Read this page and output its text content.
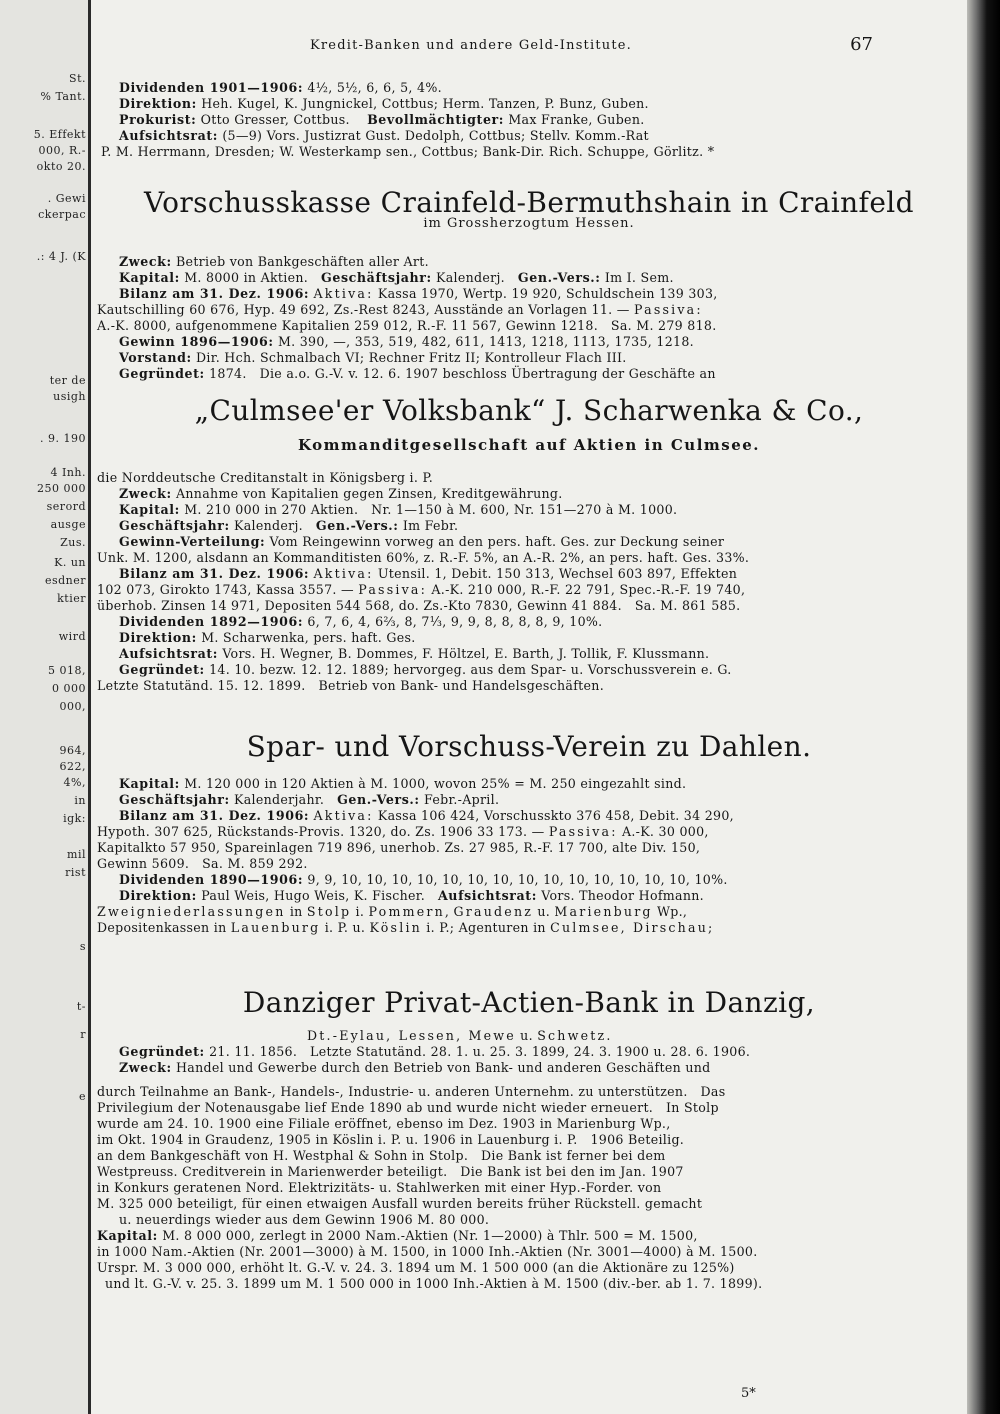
St.
% Tant.
5. Effekt
000, R.-
okto 20.
. Gewi
ckerpac
.: 4 J. (K
ter de
usigh
. 9. 190
4 Inh.
250 000
serord
ausge
Zus.
K. un
esdner
ktier
wird
5 018,
0 000
000,
964,
622,
4%,
in
igk:
mil
rist
s
t-
r
e
Kredit-Banken und andere Geld-Institute.	67
Vorschusskasse Crainfeld-Bermuthshain in Crainfeld
im Grossherzogtum Hessen.
„Culmsee'er Volksbank“ J. Scharwenka & Co.,
Kommanditgesellschaft auf Aktien in Culmsee.
Spar- und Vorschuss-Verein zu Dahlen.
Danziger Privat-Actien-Bank in Danzig,
5*
Dividenden 1901—1906: 4½, 5½, 6, 6, 5, 4%.
Direktion: Heh. Kugel, K. Jungnickel, Cottbus; Herm. Tanzen, P. Bunz, Guben.
Prokurist: Otto Gresser, Cottbus.    Bevollmächtigter: Max Franke, Guben.
Aufsichtsrat: (5—9) Vors. Justizrat Gust. Dedolph, Cottbus; Stellv. Komm.-Rat
P. M. Herrmann, Dresden; W. Westerkamp sen., Cottbus; Bank-Dir. Rich. Schuppe, Görlitz. *
Zweck: Betrieb von Bankgeschäften aller Art.
Kapital: M. 8000 in Aktien.   Geschäftsjahr: Kalenderj.   Gen.-Vers.: Im I. Sem.
Bilanz am 31. Dez. 1906: Aktiva: Kassa 1970, Wertp. 19 920, Schuldschein 139 303,
Kautschilling 60 676, Hyp. 49 692, Zs.-Rest 8243, Ausstände an Vorlagen 11. — Passiva:
A.-K. 8000, aufgenommene Kapitalien 259 012, R.-F. 11 567, Gewinn 1218.   Sa. M. 279 818.
Gewinn 1896—1906: M. 390, —, 353, 519, 482, 611, 1413, 1218, 1113, 1735, 1218.
Vorstand: Dir. Hch. Schmalbach VI; Rechner Fritz II; Kontrolleur Flach III.
Gegründet: 1874.   Die a.o. G.-V. v. 12. 6. 1907 beschloss Übertragung der Geschäfte an
die Norddeutsche Creditanstalt in Königsberg i. P.
Zweck: Annahme von Kapitalien gegen Zinsen, Kreditgewährung.
Kapital: M. 210 000 in 270 Aktien.   Nr. 1—150 à M. 600, Nr. 151—270 à M. 1000.
Geschäftsjahr: Kalenderj.   Gen.-Vers.: Im Febr.
Gewinn-Verteilung: Vom Reingewinn vorweg an den pers. haft. Ges. zur Deckung seiner
Unk. M. 1200, alsdann an Kommanditisten 60%, z. R.-F. 5%, an A.-R. 2%, an pers. haft. Ges. 33%.
Bilanz am 31. Dez. 1906: Aktiva: Utensil. 1, Debit. 150 313, Wechsel 603 897, Effekten
102 073, Girokto 1743, Kassa 3557. — Passiva: A.-K. 210 000, R.-F. 22 791, Spec.-R.-F. 19 740,
überhob. Zinsen 14 971, Depositen 544 568, do. Zs.-Kto 7830, Gewinn 41 884.   Sa. M. 861 585.
Dividenden 1892—1906: 6, 7, 6, 4, 6⅔, 8, 7⅓, 9, 9, 8, 8, 8, 8, 9, 10%.
Direktion: M. Scharwenka, pers. haft. Ges.
Aufsichtsrat: Vors. H. Wegner, B. Dommes, F. Höltzel, E. Barth, J. Tollik, F. Klussmann.
Gegründet: 14. 10. bezw. 12. 12. 1889; hervorgeg. aus dem Spar- u. Vorschussverein e. G.
Letzte Statutänd. 15. 12. 1899.   Betrieb von Bank- und Handelsgeschäften.
Kapital: M. 120 000 in 120 Aktien à M. 1000, wovon 25% = M. 250 eingezahlt sind.
Geschäftsjahr: Kalenderjahr.   Gen.-Vers.: Febr.-April.
Bilanz am 31. Dez. 1906: Aktiva: Kassa 106 424, Vorschusskto 376 458, Debit. 34 290,
Hypoth. 307 625, Rückstands-Provis. 1320, do. Zs. 1906 33 173. — Passiva: A.-K. 30 000,
Kapitalkto 57 950, Spareinlagen 719 896, unerhob. Zs. 27 985, R.-F. 17 700, alte Div. 150,
Gewinn 5609.   Sa. M. 859 292.
Dividenden 1890—1906: 9, 9, 10, 10, 10, 10, 10, 10, 10, 10, 10, 10, 10, 10, 10, 10, 10%.
Direktion: Paul Weis, Hugo Weis, K. Fischer.   Aufsichtsrat: Vors. Theodor Hofmann.
Zweigniederlassungen in Stolp i. Pommern, Graudenz u. Marienburg Wp.,
Depositenkassen in Lauenburg i. P. u. Köslin i. P.; Agenturen in Culmsee, Dirschau;
Dt.-Eylau, Lessen, Mewe u. Schwetz.
Gegründet: 21. 11. 1856.   Letzte Statutänd. 28. 1. u. 25. 3. 1899, 24. 3. 1900 u. 28. 6. 1906.
Zweck: Handel und Gewerbe durch den Betrieb von Bank- und anderen Geschäften und
durch Teilnahme an Bank-, Handels-, Industrie- u. anderen Unternehm. zu unterstützen.   Das
Privilegium der Notenausgabe lief Ende 1890 ab und wurde nicht wieder erneuert.   In Stolp
wurde am 24. 10. 1900 eine Filiale eröffnet, ebenso im Dez. 1903 in Marienburg Wp.,
im Okt. 1904 in Graudenz, 1905 in Köslin i. P. u. 1906 in Lauenburg i. P.   1906 Beteilig.
an dem Bankgeschäft von H. Westphal & Sohn in Stolp.   Die Bank ist ferner bei dem
Westpreuss. Creditverein in Marienwerder beteiligt.   Die Bank ist bei den im Jan. 1907
in Konkurs geratenen Nord. Elektrizitäts- u. Stahlwerken mit einer Hyp.-Forder. von
M. 325 000 beteiligt, für einen etwaigen Ausfall wurden bereits früher Rückstell. gemacht
u. neuerdings wieder aus dem Gewinn 1906 M. 80 000.
Kapital: M. 8 000 000, zerlegt in 2000 Nam.-Aktien (Nr. 1—2000) à Thlr. 500 = M. 1500,
in 1000 Nam.-Aktien (Nr. 2001—3000) à M. 1500, in 1000 Inh.-Aktien (Nr. 3001—4000) à M. 1500.
Urspr. M. 3 000 000, erhöht lt. G.-V. v. 24. 3. 1894 um M. 1 500 000 (an die Aktionäre zu 125%)
und lt. G.-V. v. 25. 3. 1899 um M. 1 500 000 in 1000 Inh.-Aktien à M. 1500 (div.-ber. ab 1. 7. 1899).
